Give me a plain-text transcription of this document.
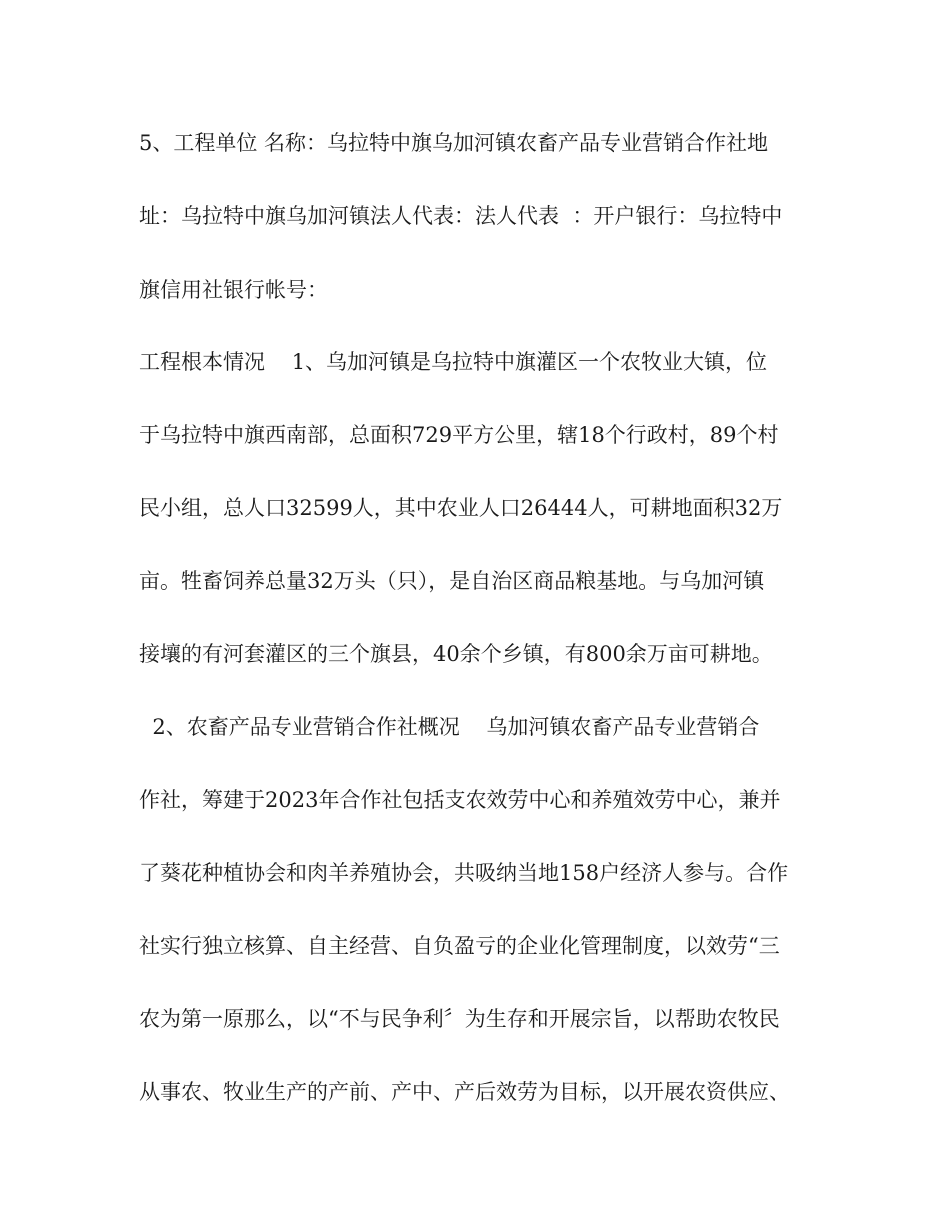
5、工程单位 名称：乌拉特中旗乌加河镇农畜产品专业营销合作社地
址：乌拉特中旗乌加河镇法人代表：法人代表  ：开户银行：乌拉特中
旗信用社银行帐号：
工程根本情况    1、乌加河镇是乌拉特中旗灌区一个农牧业大镇，位
于乌拉特中旗西南部，总面积729平方公里，辖18个行政村，89个村
民小组，总人口32599人，其中农业人口26444人，可耕地面积32万
亩。牲畜饲养总量32万头（只），是自治区商品粮基地。与乌加河镇
接壤的有河套灌区的三个旗县，40余个乡镇，有800余万亩可耕地。
2、农畜产品专业营销合作社概况    乌加河镇农畜产品专业营销合
作社，筹建于2023年合作社包括支农效劳中心和养殖效劳中心，兼并
了葵花种植协会和肉羊养殖协会，共吸纳当地158户经济人参与。合作
社实行独立核算、自主经营、自负盈亏的企业化管理制度，以效劳“三
农为第一原那么，以“不与民争利〞为生存和开展宗旨，以帮助农牧民
从事农、牧业生产的产前、产中、产后效劳为目标，以开展农资供应、
